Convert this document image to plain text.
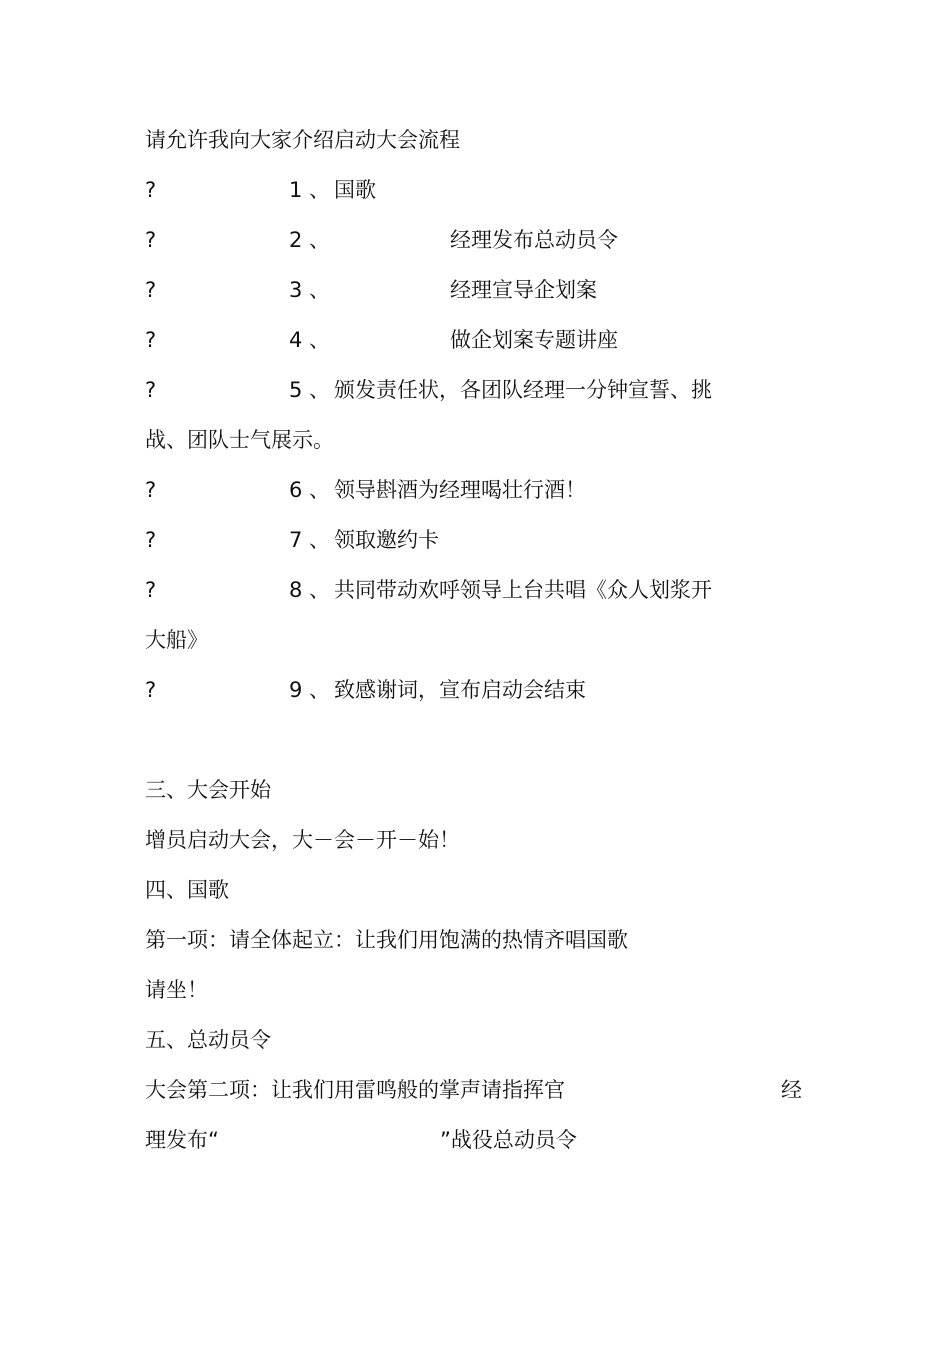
请允许我向大家介绍启动大会流程
?	1 、 国歌
?	2 、	经理发布总动员令
?	3 、	经理宣导企划案
?	4 、	做企划案专题讲座
?	5 、 颁发责任状，各团队经理一分钟宣誓、挑
战、团队士气展示。
?	6 、 领导斟酒为经理喝壮行酒！
?	7 、 领取邀约卡
?	8 、 共同带动欢呼领导上台共唱《众人划浆开
大船》
?	9 、 致感谢词，宣布启动会结束
三、大会开始
增员启动大会，大－会－开－始！
四、国歌
第一项：请全体起立：让我们用饱满的热情齐唱国歌
请坐！
五、总动员令
大会第二项：让我们用雷鸣般的掌声请指挥官	经
理发布“	”战役总动员令
